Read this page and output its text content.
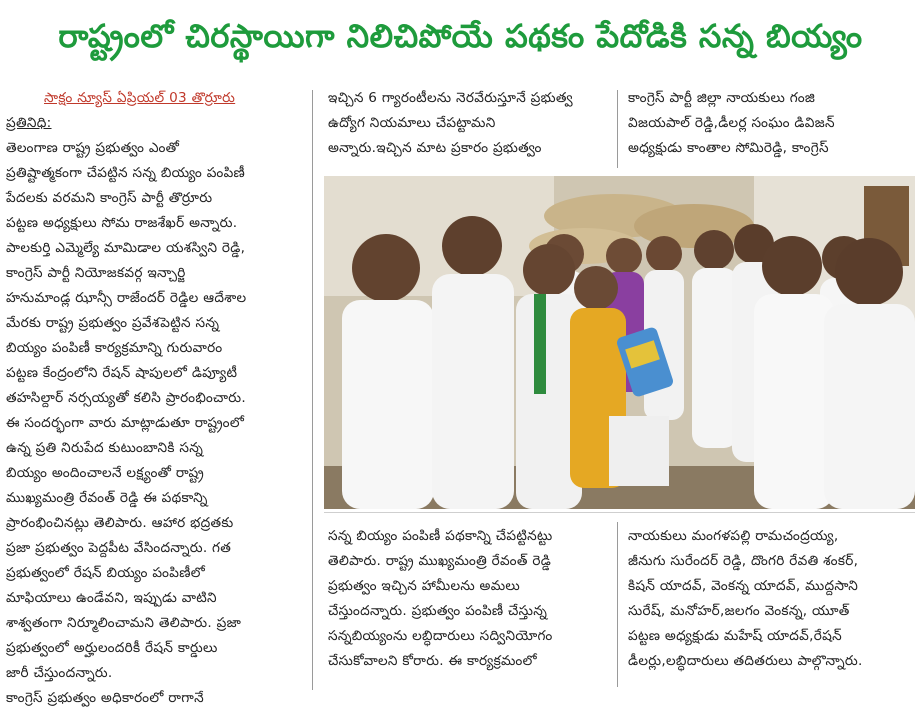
రాష్ట్రంలో చిరస్థాయిగా నిలిచిపోయే పథకం పేదోడికి సన్న బియ్యం

సాక్షం న్యూస్ ఏప్రియల్ 03 తొర్రూరు

ప్రతినిధి:

తెలంగాణ రాష్ట్ర ప్రభుత్వం ఎంతో

ప్రతిష్టాత్మకంగా చేపట్టిన సన్న బియ్యం పంపిణీ

పేదలకు వరమని కాంగ్రెస్ పార్టీ తొర్రూరు

పట్టణ అధ్యక్షులు సోమ రాజశేఖర్ అన్నారు.

పాలకుర్తి ఎమ్మెల్యే మామిడాల యశస్విని రెడ్డి,

కాంగ్రెస్ పార్టీ నియోజకవర్గ ఇన్చార్జి

హనుమాండ్ల ఝాన్సీ రాజేందర్ రెడ్డిల ఆదేశాల

మేరకు రాష్ట్ర ప్రభుత్వం ప్రవేశపెట్టిన సన్న

బియ్యం పంపిణీ కార్యక్రమాన్ని గురువారం

పట్టణ కేంద్రంలోని రేషన్ షాపులలో డిప్యూటీ

తహసిల్దార్ నర్సయ్యతో కలిసి ప్రారంభించారు.

ఈ సందర్భంగా వారు మాట్లాడుతూ రాష్ట్రంలో

ఉన్న ప్రతి నిరుపేద కుటుంబానికి సన్న

బియ్యం అందించాలనే లక్ష్యంతో రాష్ట్ర

ముఖ్యమంత్రి రేవంత్ రెడ్డి ఈ పథకాన్ని

ప్రారంభించినట్లు తెలిపారు. ఆహార భద్రతకు

ప్రజా ప్రభుత్వం పెద్దపీట వేసిందన్నారు. గత

ప్రభుత్వంలో రేషన్ బియ్యం పంపిణీలో

మాఫియాలు ఉండేవని, ఇప్పుడు వాటిని

శాశ్వతంగా నిర్మూలించామని తెలిపారు. ప్రజా

ప్రభుత్వంలో అర్హులందరికీ రేషన్ కార్డులు

జారీ చేస్తుందన్నారు.

కాంగ్రెస్ ప్రభుత్వం అధికారంలో రాగానే

ఇచ్చిన 6 గ్యారంటీలను నెరవేరుస్తూనే ప్రభుత్వ

ఉద్యోగ నియమాలు చేపట్టామని

అన్నారు.ఇచ్చిన మాట ప్రకారం ప్రభుత్వం

కాంగ్రెస్ పార్టీ జిల్లా నాయకులు గంజి

విజయపాల్ రెడ్డి,డీలర్ల సంఘం డివిజన్

అధ్యక్షుడు కాంతాల సోమిరెడ్డి, కాంగ్రెస్

సన్న బియ్యం పంపిణీ పథకాన్ని చేపట్టినట్టు

తెలిపారు. రాష్ట్ర ముఖ్యమంత్రి రేవంత్ రెడ్డి

ప్రభుత్వం ఇచ్చిన హామీలను అమలు

చేస్తుందన్నారు. ప్రభుత్వం పంపిణీ చేస్తున్న

సన్నబియ్యంను లబ్ధిదారులు సద్వినియోగం

చేసుకోవాలని కోరారు. ఈ కార్యక్రమంలో

నాయకులు మంగళపల్లి రామచంద్రయ్య,

జీనుగు సురేందర్ రెడ్డి, దొంగరి రేవతి శంకర్,

కిషన్ యాదవ్, వెంకన్న యాదవ్, ముద్దసాని

సురేష్, మనోహర్,జలగం వెంకన్న, యూత్

పట్టణ అధ్యక్షుడు మహేష్ యాదవ్,రేషన్

డీలర్లు,లబ్ధిదారులు తదితరులు పాల్గొన్నారు.
